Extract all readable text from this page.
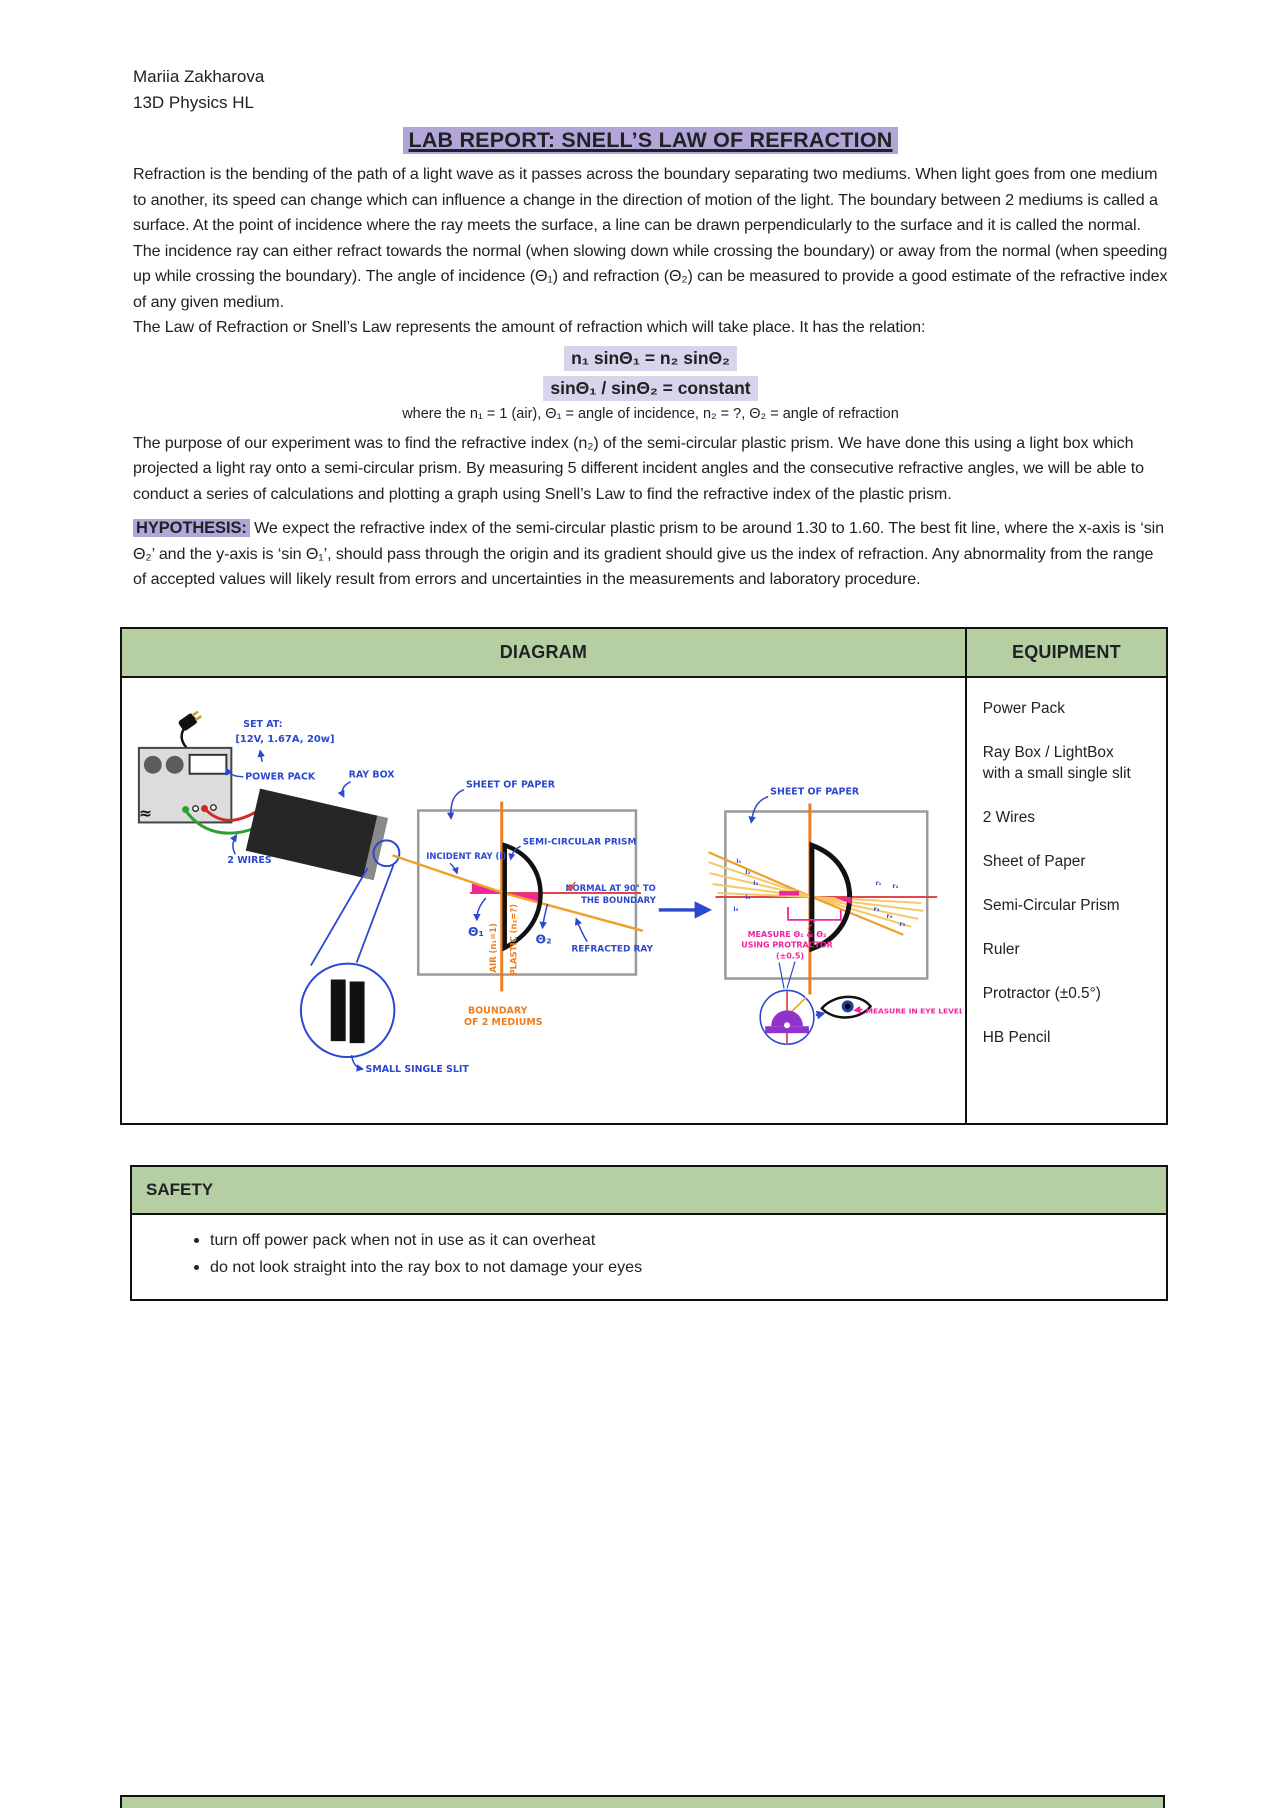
Mariia Zakharova
13D Physics HL
LAB REPORT: SNELL’S LAW OF REFRACTION

Refraction is the bending of the path of a light wave as it passes across the boundary separating two mediums. When light goes from one medium to another, its speed can change which can influence a change in the direction of motion of the light. The boundary between 2 mediums is called a surface. At the point of incidence where the ray meets the surface, a line can be drawn perpendicularly to the surface and it is called the normal. The incidence ray can either refract towards the normal (when slowing down while crossing the boundary) or away from the normal (when speeding up while crossing the boundary). The angle of incidence (Θ₁) and refraction (Θ₂) can be measured to provide a good estimate of the refractive index of any given medium.

The Law of Refraction or Snell’s Law represents the amount of refraction which will take place. It has the relation:

n₁ sinΘ₁ = n₂ sinΘ₂
sinΘ₁ / sinΘ₂ = constant
where the n₁ = 1 (air), Θ₁ = angle of incidence, n₂ = ?, Θ₂ = angle of refraction

The purpose of our experiment was to find the refractive index (n₂) of the semi-circular plastic prism. We have done this using a light box which projected a light ray onto a semi-circular prism. By measuring 5 different incident angles and the consecutive refractive angles, we will be able to conduct a series of calculations and plotting a graph using Snell’s Law to find the refractive index of the plastic prism.

HYPOTHESIS: We expect the refractive index of the semi-circular plastic prism to be around 1.30 to 1.60. The best fit line, where the x-axis is ‘sin Θ₂’ and the y-axis is ‘sin Θ₁’, should pass through the origin and its gradient should give us the index of refraction. Any abnormality from the range of accepted values will likely result from errors and uncertainties in the measurements and laboratory procedure.

DIAGRAM	EQUIPMENT

≈
SET AT:
[12V, 1.67A, 20w]
POWER PACK	RAY BOX
2 WIRES
SMALL SINGLE SLIT
AIR (n₁=1) PLASTIC (n₂=?)
BOUNDARY
OF 2 MEDIUMS
SHEET OF PAPER
INCIDENT RAY (i)
SEMI-CIRCULAR PRISM
NORMAL AT 90° TO
THE BOUNDARY
Θ₁
Θ₂
REFRACTED RAY
i₁
i₂
i₃
i₄
i₅
r₁ r₂
r₃
r₄
r₅
MEASURE Θ₁ & Θ₂
USING PROTRACTOR
(±0.5)
SHEET OF PAPER
MEASURE IN EYE LEVEL

Power Pack
Ray Box / LightBox with a small single slit
2 Wires
Sheet of Paper
Semi-Circular Prism
Ruler
Protractor (±0.5°)
HB Pencil
SAFETY

• turn off power pack when not in use as it can overheat
• do not look straight into the ray box to not damage your eyes
